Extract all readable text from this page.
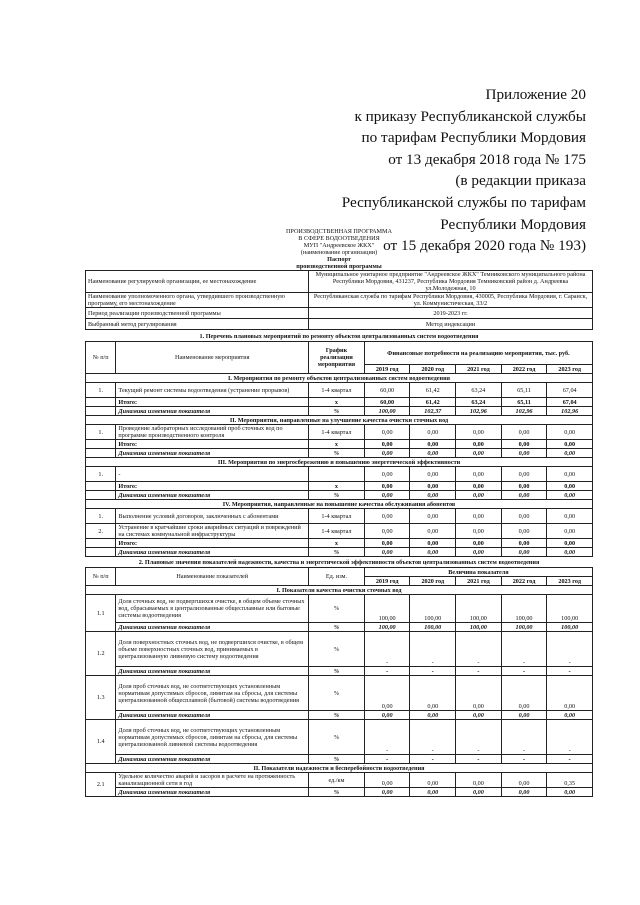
Приложение 20
к приказу Республиканской службы
по тарифам Республики Мордовия
от 13 декабря 2018 года № 175
(в редакции приказа
Республиканской службы по тарифам
Республики Мордовия
от 15 декабря 2020 года № 193)
ПРОИЗВОДСТВЕННАЯ ПРОГРАММА
В СФЕРЕ ВОДООТВЕДЕНИЯ
МУП "Андреевское ЖКХ"
(наименование организации)
Паспорт
производственной программы
Наименование регулируемой организации, ее местонахождение	Муниципальное унитарное предприятие "Андреевское ЖКХ" Темниковского муниципального района Республики Мордовия, 431237, Республика Мордовия Темниковский район д. Андреевка ул.Молодежная, 10
Наименование уполномоченного органа, утвердившего производственную программу, его местонахождение	Республиканская служба по тарифам Республики Мордовия, 430005, Республика Мордовия, г. Саранск, ул. Коммунистическая, 33/2
Период реализации производственной программы	2019-2023 гг.
Выбранный метод регулирования	Метод индексации
1. Перечень плановых мероприятий по ремонту объектов централизованных систем водоотведения
№ п/п	Наименование мероприятия	График реализации мероприятия	Финансовые потребности на реализацию мероприятия, тыс. руб.				
			2019 год	2020 год	2021 год	2022 год	2023 год
I. Мероприятия по ремонту объектов централизованных систем водоотведения							
1.	Текущий ремонт системы водоотведения (устранение прорывов)	1-4 квартал	60,00	61,42	63,24	65,11	67,04
	Итого:	х	60,00	61,42	63,24	65,11	67,04
	Динамика изменения показателя	%	100,00	102,37	102,96	102,96	102,96
II. Мероприятия, направленные на улучшение качества очистки сточных вод							
1.	Проведение лабораторных исследований проб сточных вод по программе производственного контроля	1-4 квартал	0,00	0,00	0,00	0,00	0,00
	Итого:	х	0,00	0,00	0,00	0,00	0,00
	Динамика изменения показателя	%	0,00	0,00	0,00	0,00	0,00
III. Мероприятия по энергосбережению и повышению энергетической эффективности							
1.	-		0,00	0,00	0,00	0,00	0,00
	Итого:	х	0,00	0,00	0,00	0,00	0,00
	Динамика изменения показателя	%	0,00	0,00	0,00	0,00	0,00
IV. Мероприятия, направленные на повышение качества обслуживания абонентов							
1.	Выполнение условий договоров, заключенных с абонентами	1-4 квартал	0,00	0,00	0,00	0,00	0,00
2.	Устранение в кратчайшие сроки аварийных ситуаций и повреждений на системах коммунальной инфраструктуры	1-4 квартал	0,00	0,00	0,00	0,00	0,00
	Итого:	х	0,00	0,00	0,00	0,00	0,00
	Динамика изменения показателя	%	0,00	0,00	0,00	0,00	0,00
2. Плановые значения показателей надежности, качества и энергетической эффективности объектов централизованных систем водоотведения
№ п/п	Наименование показателей	Ед. изм.	Величина показателя				
			2019 год	2020 год	2021 год	2022 год	2023 год
I. Показатели качества очистки сточных вод							
1.1	Доля сточных вод, не подвергшихся очистке, в общем объеме сточных вод, сбрасываемых в централизованные общесплавные или бытовые системы водоотведения	%	100,00	100,00	100,00	100,00	100,00
	Динамика изменения показателя	%	100,00	100,00	100,00	100,00	100,00
1.2	Доля поверхностных сточных вод, не подвергшихся очистке, в общем объеме поверхностных сточных вод, принимаемых в централизованную ливневую систему водоотведения	%	-	-	-	-	-
	Динамика изменения показателя	%	-	-	-	-	-
1.3	Доля проб сточных вод, не соответствующих установленным нормативам допустимых сбросов, лимитам на сбросы, для системы централизованной общесплавной (бытовой) системы водоотведения	%	0,00	0,00	0,00	0,00	0,00
	Динамика изменения показателя	%	0,00	0,00	0,00	0,00	0,00
1.4	Доля проб сточных вод, не соответствующих установленным нормативам допустимых сбросов, лимитам на сбросы, для системы централизованной ливневой системы водоотведения	%	-	-	-	-	-
	Динамика изменения показателя	%	-	-	-	-	-
II. Показатели надежности и бесперебойности водоотведения							
2.1	Удельное количество аварий и засоров в расчете на протяженность канализационной сети в год	ед./км	0,00	0,00	0,00	0,00	0,35
	Динамика изменения показателя	%	0,00	0,00	0,00	0,00	0,00
